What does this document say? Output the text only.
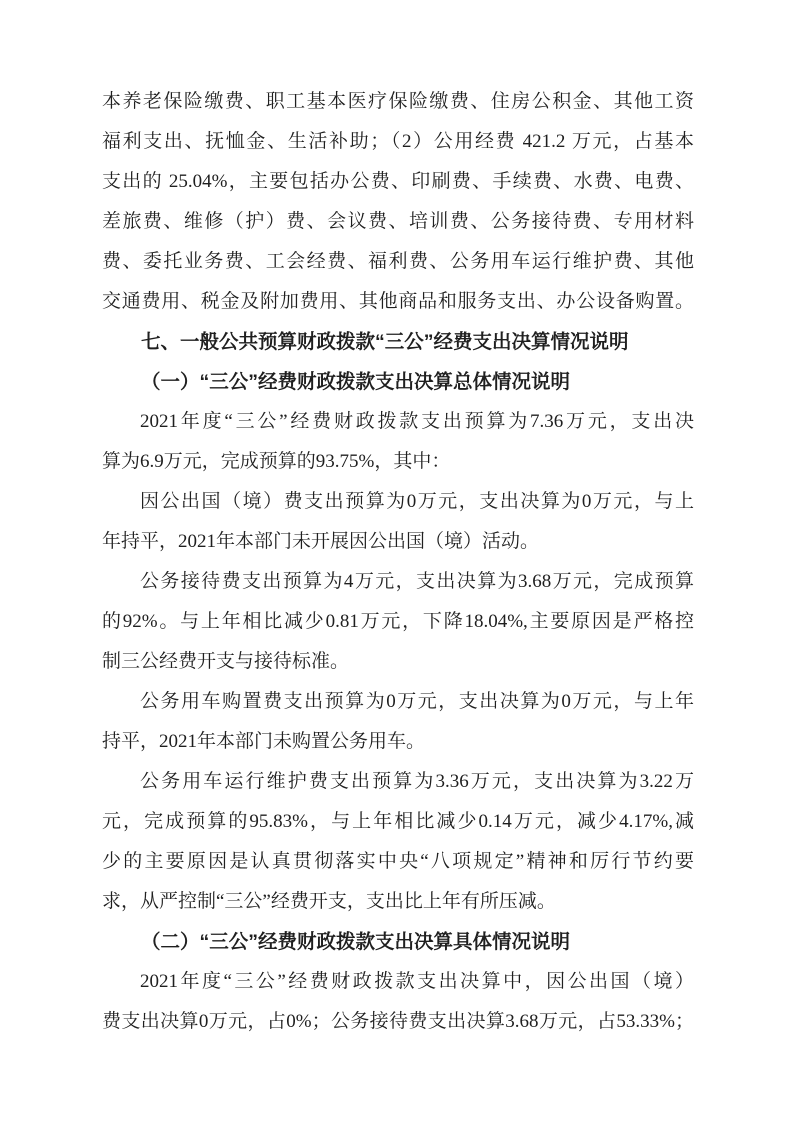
本养老保险缴费、职工基本医疗保险缴费、住房公积金、其他工资
福利支出、抚恤金、生活补助；（2）公用经费 421.2 万元，占基本
支出的 25.04%，主要包括办公费、印刷费、手续费、水费、电费、
差旅费、维修（护）费、会议费、培训费、公务接待费、专用材料
费、委托业务费、工会经费、福利费、公务用车运行维护费、其他
交通费用、税金及附加费用、其他商品和服务支出、办公设备购置。
七、一般公共预算财政拨款“三公”经费支出决算情况说明
（一）“三公”经费财政拨款支出决算总体情况说明
2021年度“三公”经费财政拨款支出预算为7.36万元，支出决
算为6.9万元，完成预算的93.75%，其中：
因公出国（境）费支出预算为0万元，支出决算为0万元，与上
年持平，2021年本部门未开展因公出国（境）活动。
公务接待费支出预算为4万元，支出决算为3.68万元，完成预算
的92%。与上年相比减少0.81万元，下降18.04%,主要原因是严格控
制三公经费开支与接待标准。
公务用车购置费支出预算为0万元，支出决算为0万元，与上年
持平，2021年本部门未购置公务用车。
公务用车运行维护费支出预算为3.36万元，支出决算为3.22万
元，完成预算的95.83%，与上年相比减少0.14万元，减少4.17%,减
少的主要原因是认真贯彻落实中央“八项规定”精神和厉行节约要
求，从严控制“三公”经费开支，支出比上年有所压减。
（二）“三公”经费财政拨款支出决算具体情况说明
2021年度“三公”经费财政拨款支出决算中，因公出国（境）
费支出决算0万元，占0%；公务接待费支出决算3.68万元，占53.33%；
